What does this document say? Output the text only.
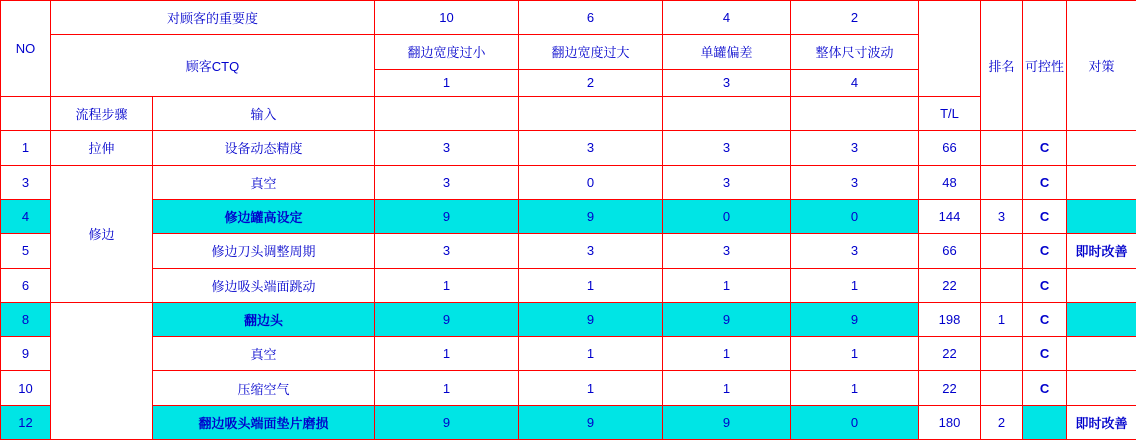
NO	对顾客的重要度		10	6	4	2		排名	可控性	对策
	顾客CTQ		翻边宽度过小	翻边宽度过大	单罐偏差	整体尺寸波动				
			1	2	3	4				
	流程步骤	输入					T/L			
1	拉伸	设备动态精度	3	3	3	3	66		C	
3	修边	真空	3	0	3	3	48		C	
4		修边罐高设定	9	9	0	0	144	3	C	
5		修边刀头调整周期	3	3	3	3	66		C	即时改善
6		修边吸头端面跳动	1	1	1	1	22		C	
8		翻边头	9	9	9	9	198	1	C	
9		真空	1	1	1	1	22		C	
10		压缩空气	1	1	1	1	22		C	
12		翻边吸头端面垫片磨损	9	9	9	0	180	2		即时改善
